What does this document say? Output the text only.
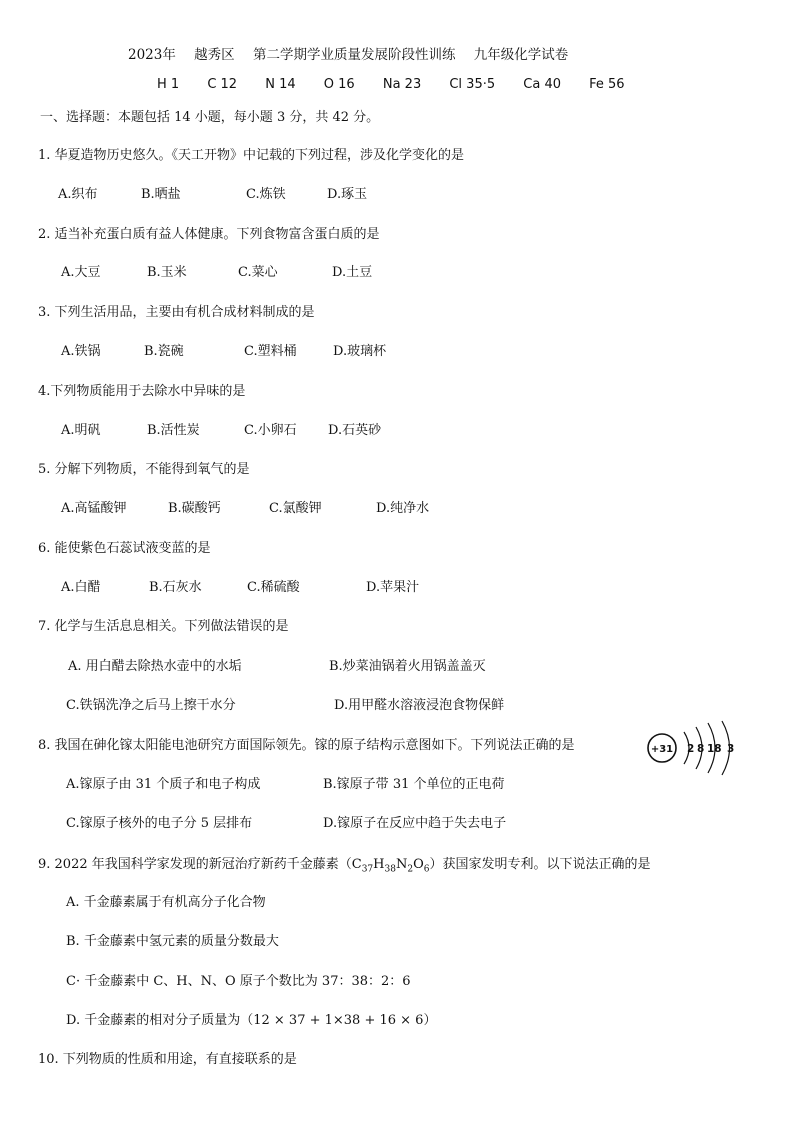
2023年 越秀区 第二学期学业质量发展阶段性训练 九年级化学试卷
H 1 C 12 N 14 O 16 Na 23 Cl 35·5 Ca 40 Fe 56
一、选择题：本题包括 14 小题，每小题 3 分，共 42 分。
1. 华夏造物历史悠久。《天工开物》中记载的下列过程，涉及化学变化的是
A.织布	B.晒盐	C.炼铁	D.琢玉
2. 适当补充蛋白质有益人体健康。下列食物富含蛋白质的是
A.大豆	B.玉米	C.菜心	D.土豆
3. 下列生活用品，主要由有机合成材料制成的是
A.铁锅	B.瓷碗	C.塑料桶	D.玻璃杯
4.下列物质能用于去除水中异味的是
A.明矾	B.活性炭	C.小卵石 D.石英砂
5. 分解下列物质，不能得到氧气的是
A.高锰酸钾	B.碳酸钙	C.氯酸钾	D.纯净水
6. 能使紫色石蕊试液变蓝的是
A.白醋	B.石灰水	C.稀硫酸	D.苹果汁
7. 化学与生活息息相关。下列做法错误的是
A. 用白醋去除热水壶中的水垢	B.炒菜油锅着火用锅盖盖灭
C.铁锅洗净之后马上擦干水分	D.用甲醛水溶液浸泡食物保鲜
8. 我国在砷化镓太阳能电池研究方面国际领先。镓的原子结构示意图如下。下列说法正确的是
A.镓原子由 31 个质子和电子构成	B.镓原子带 31 个单位的正电荷
C.镓原子核外的电子分 5 层排布	D.镓原子在反应中趋于失去电子
+31 2 8 18 3
9. 2022 年我国科学家发现的新冠治疗新药千金藤素$(C_{37}H_{38}N_2O_6)$获国家发明专利。以下说法正确的是
A. 千金藤素属于有机高分子化合物
B. 千金藤素中氢元素的质量分数最大
C· 千金藤素中 C、H、N、O 原子个数比为 37：38：2：6
D. 千金藤素的相对分子质量为（12 × 37 + 1×38 + 16 × 6）
10. 下列物质的性质和用途，有直接联系的是
